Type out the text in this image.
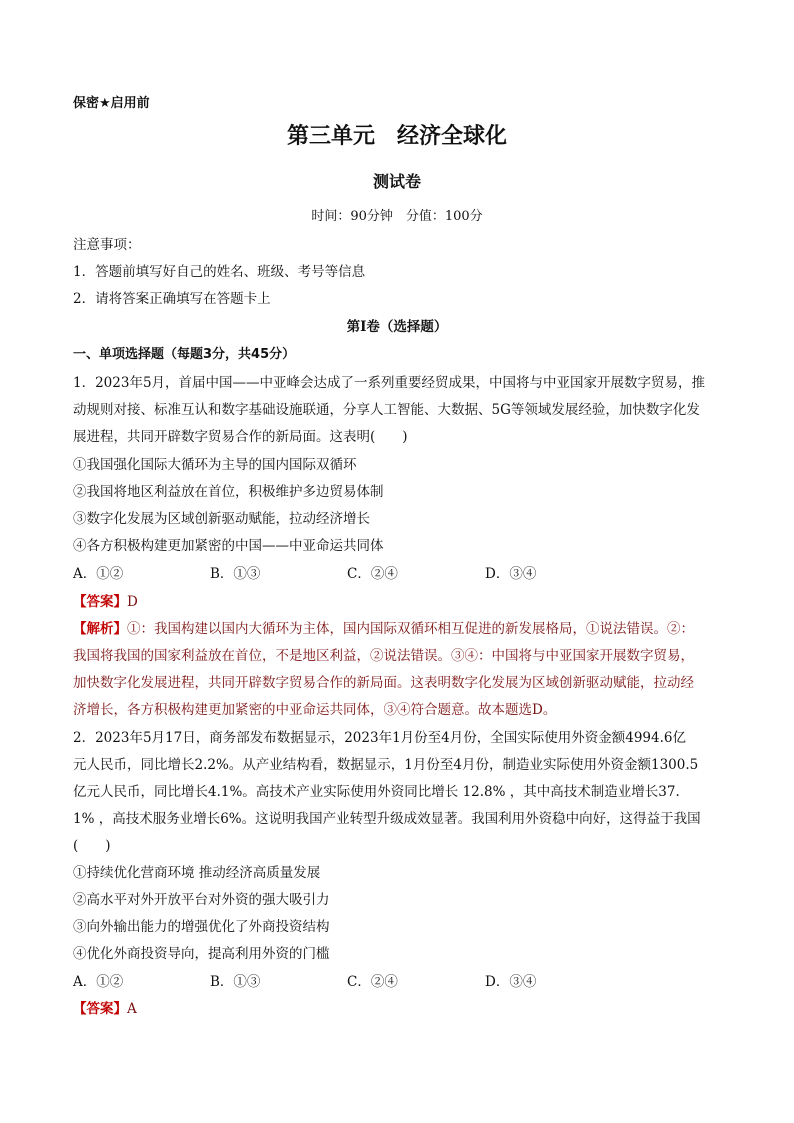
保密★启用前
第三单元　经济全球化
测试卷
时间：90分钟　分值：100分
注意事项：
1．答题前填写好自己的姓名、班级、考号等信息
2．请将答案正确填写在答题卡上
第Ⅰ卷（选择题）
一、单项选择题（每题3分，共45分）
1．2023年5月，首届中国——中亚峰会达成了一系列重要经贸成果，中国将与中亚国家开展数字贸易，推
动规则对接、标准互认和数字基础设施联通，分享人工智能、大数据、5G等领域发展经验，加快数字化发
展进程，共同开辟数字贸易合作的新局面。这表明(　　)
①我国强化国际大循环为主导的国内国际双循环
②我国将地区利益放在首位，积极维护多边贸易体制
③数字化发展为区域创新驱动赋能，拉动经济增长
④各方积极构建更加紧密的中国——中亚命运共同体
A．①②	B．①③	C．②④	D．③④
【答案】D
【解析】①：我国构建以国内大循环为主体，国内国际双循环相互促进的新发展格局，①说法错误。②：
我国将我国的国家利益放在首位，不是地区利益，②说法错误。③④：中国将与中亚国家开展数字贸易，
加快数字化发展进程，共同开辟数字贸易合作的新局面。这表明数字化发展为区域创新驱动赋能，拉动经
济增长，各方积极构建更加紧密的中亚命运共同体，③④符合题意。故本题选D。
2．2023年5月17日，商务部发布数据显示，2023年1月份至4月份，全国实际使用外资金额4994.6亿
元人民币，同比增长2.2%。从产业结构看，数据显示，1月份至4月份，制造业实际使用外资金额1300.5
亿元人民币，同比增长4.1%。高技术产业实际使用外资同比增长 12.8% ，其中高技术制造业增长37.
1% ，高技术服务业增长6%。这说明我国产业转型升级成效显著。我国利用外资稳中向好，这得益于我国
(　　)
①持续优化营商环境 推动经济高质量发展
②高水平对外开放平台对外资的强大吸引力
③向外输出能力的增强优化了外商投资结构
④优化外商投资导向，提高利用外资的门槛
A．①②	B．①③	C．②④	D．③④
【答案】A
